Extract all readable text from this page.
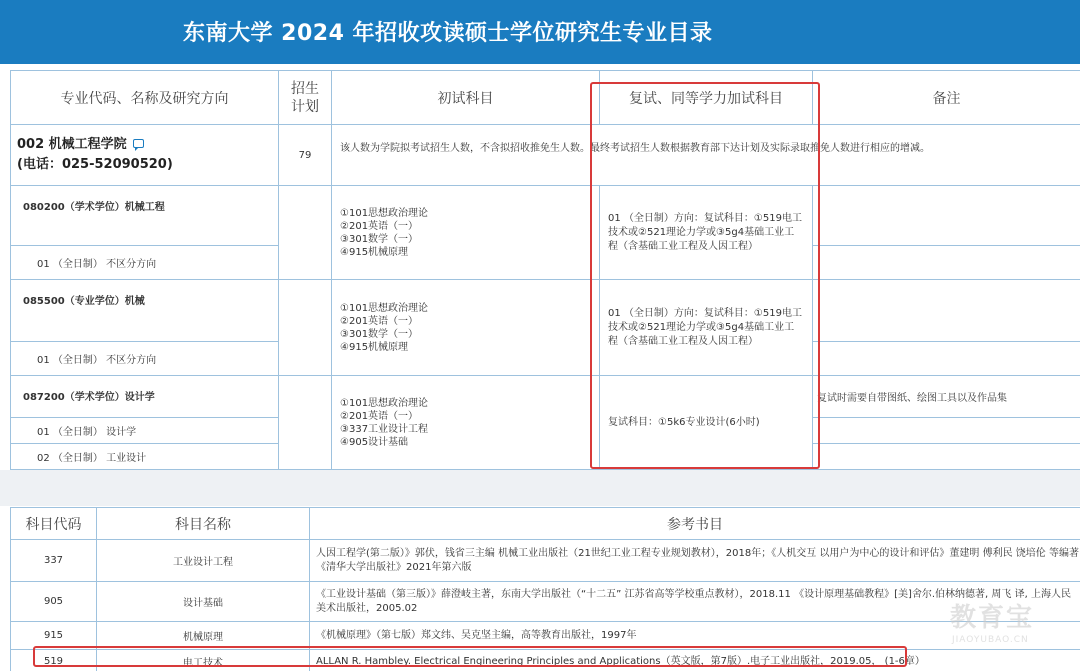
东南大学 2024 年招收攻读硕士学位研究生专业目录
专业代码、名称及研究方向	招生
计划	初试科目	复试、同等学力加试科目	备注

002 机械工程学院
(电话：025-52090520)	79	该人数为学院拟考试招生人数，不含拟招收推免生人数。最终考试招生人数根据教育部下达计划及实际录取推免人数进行相应的增减。		
080200（学术学位）机械工程		①101思想政治理论
②201英语（一）
③301数学（一）
④915机械原理	01 （全日制）方向：复试科目：①519电工技术或②521理论力学或③5g4基础工业工程（含基础工业工程及人因工程）	
01 （全日制） 不区分方向				
085500（专业学位）机械		①101思想政治理论
②201英语（一）
③301数学（一）
④915机械原理	01 （全日制）方向：复试科目：①519电工技术或②521理论力学或③5g4基础工业工程（含基础工业工程及人因工程）	
01 （全日制） 不区分方向				
087200（学术学位）设计学		①101思想政治理论
②201英语（一）
③337工业设计工程
④905设计基础	复试科目：①5k6专业设计(6小时)	复试时需要自带图纸、绘图工具以及作品集
01 （全日制） 设计学				
02 （全日制） 工业设计				
科目代码	科目名称	参考书目
337	工业设计工程	人因工程学(第二版）》郭伏，钱省三主编 机械工业出版社（21世纪工业工程专业规划教材），2018年；《人机交互 以用户为中心的设计和评估》董建明 傅利民 饶培伦 等编著《清华大学出版社》2021年第六版
905	设计基础	《工业设计基础（第三版）》薛澄岐主著，东南大学出版社（“十二五” 江苏省高等学校重点教材），2018.11 《设计原理基础教程》[美]舍尔.伯林纳德著, 周飞 译, 上海人民美术出版社，2005.02
915	机械原理	《机械原理》（第七版）郑文纬、吴克坚主编，高等教育出版社，1997年
519	电工技术	ALLAN R. Hambley. Electrical Engineering Principles and Applications（英文版，第7版）.电子工业出版社，2019.05， (1-6章）
教育宝
JIAOYUBAO.CN
